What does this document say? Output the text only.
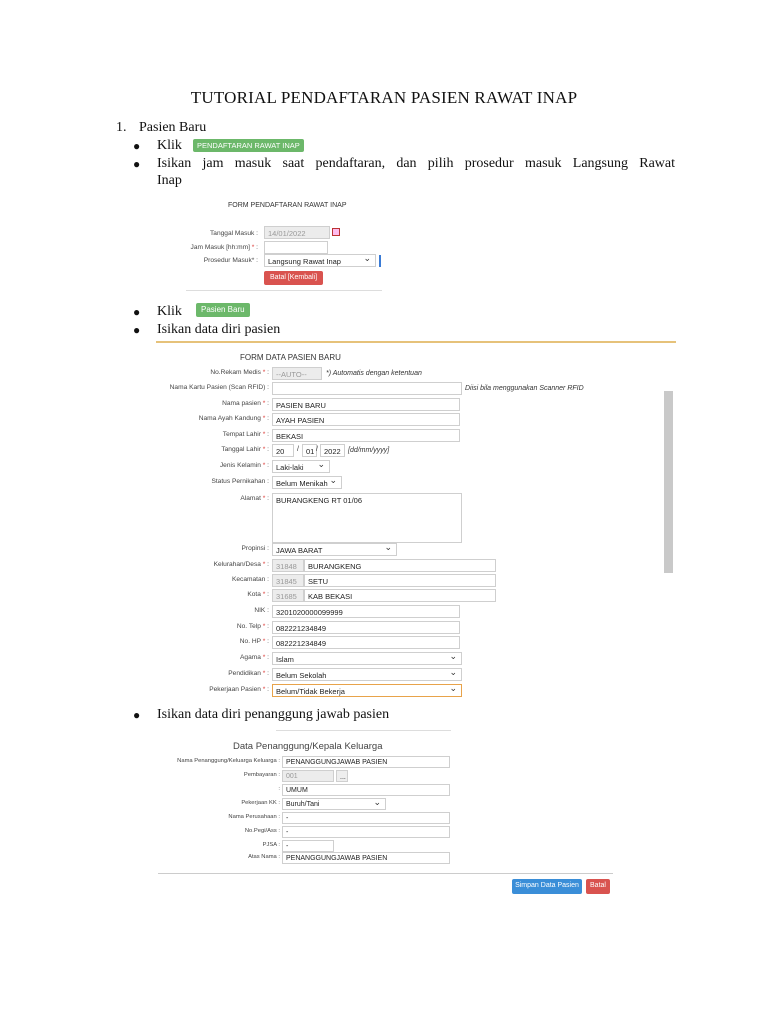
TUTORIAL PENDAFTARAN PASIEN RAWAT INAP
1. Pasien Baru
● Klik	PENDAFTARAN RAWAT INAP
● Isikan jam masuk saat pendaftaran, dan pilih prosedur masuk Langsung Rawat
Inap
FORM PENDAFTARAN RAWAT INAP
Tanggal Masuk :	14/01/2022
Jam Masuk [hh:mm] * :
Prosedur Masuk* :	Langsung Rawat Inap ⌄
Batal [Kembali]
● Klik	Pasien Baru
● Isikan data diri pasien
FORM DATA PASIEN BARU
No.Rekam Medis * : --AUTO--	*) Automatis dengan ketentuan
Nama Kartu Pasien (Scan RFID) :	Diisi bila menggunakan Scanner RFID
Nama pasien * : PASIEN BARU
Nama Ayah Kandung * : AYAH PASIEN
Tempat Lahir * : BEKASI
Tanggal Lahir * : 20	/ 01 / 2022	[dd/mm/yyyy]
Jenis Kelamin * : Laki-laki ⌄
Status Pernikahan : Belum Menikah ⌄
Alamat * : BURANGKENG RT 01/06
Propinsi : JAWA BARAT ⌄
Kelurahan/Desa * : 31848	BURANGKENG
Kecamatan : 31845	SETU
Kota * : 31685	KAB BEKASI
NIK : 3201020000099999
No. Telp * : 082221234849
No. HP * : 082221234849
Agama * : Islam ⌄
Pendidikan * : Belum Sekolah ⌄
Pekerjaan Pasien * : Belum/Tidak Bekerja ⌄
● Isikan data diri penanggung jawab pasien
Data Penanggung/Kepala Keluarga
Nama Penanggung/Keluarga Keluarga : PENANGGUNGJAWAB PASIEN
Pembayaran : 001	...
: UMUM
Pekerjaan KK : Buruh/Tani ⌄
Nama Perusahaan : -
No.Pegi/Ass : -
PJSA : -
Atas Nama : PENANGGUNGJAWAB PASIEN
Simpan Data Pasien	Batal
